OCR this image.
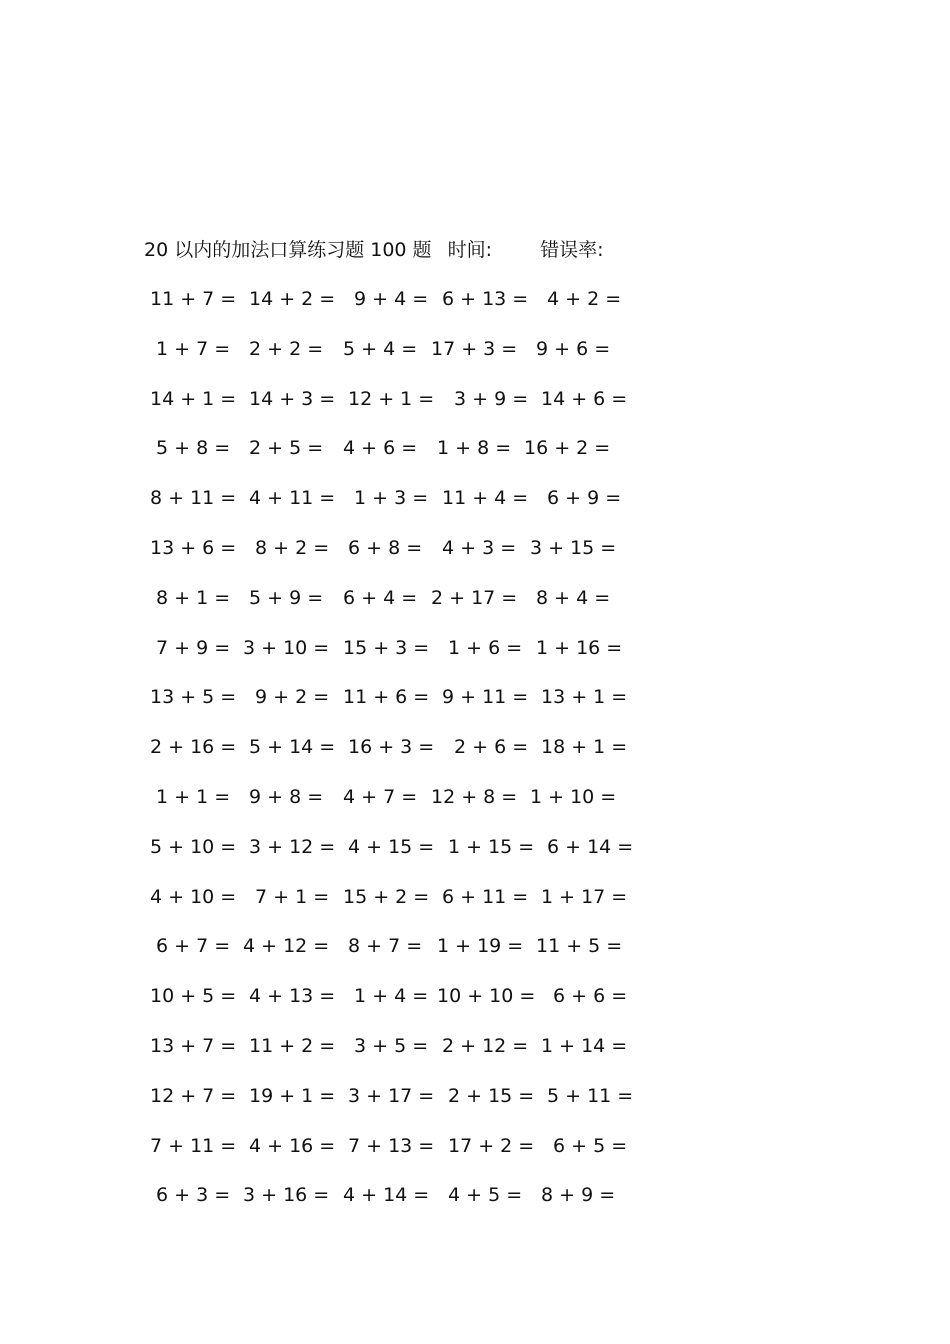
20 以内的加法口算练习题 100 题 时间:	错误率:
11 + 7 = 14 + 2 = 9 + 4 = 6 + 13 = 4 + 2 =
1 + 7 = 2 + 2 = 5 + 4 = 17 + 3 = 9 + 6 =
14 + 1 = 14 + 3 = 12 + 1 = 3 + 9 = 14 + 6 =
5 + 8 = 2 + 5 = 4 + 6 = 1 + 8 = 16 + 2 =
8 + 11 = 4 + 11 = 1 + 3 = 11 + 4 = 6 + 9 =
13 + 6 = 8 + 2 = 6 + 8 = 4 + 3 = 3 + 15 =
8 + 1 = 5 + 9 = 6 + 4 = 2 + 17 = 8 + 4 =
7 + 9 = 3 + 10 = 15 + 3 = 1 + 6 = 1 + 16 =
13 + 5 = 9 + 2 = 11 + 6 = 9 + 11 = 13 + 1 =
2 + 16 = 5 + 14 = 16 + 3 = 2 + 6 = 18 + 1 =
1 + 1 = 9 + 8 = 4 + 7 = 12 + 8 = 1 + 10 =
5 + 10 = 3 + 12 = 4 + 15 = 1 + 15 = 6 + 14 =
4 + 10 = 7 + 1 = 15 + 2 = 6 + 11 = 1 + 17 =
6 + 7 = 4 + 12 = 8 + 7 = 1 + 19 = 11 + 5 =
10 + 5 = 4 + 13 = 1 + 4 = 10 + 10 = 6 + 6 =
13 + 7 = 11 + 2 = 3 + 5 = 2 + 12 = 1 + 14 =
12 + 7 = 19 + 1 = 3 + 17 = 2 + 15 = 5 + 11 =
7 + 11 = 4 + 16 = 7 + 13 = 17 + 2 = 6 + 5 =
6 + 3 = 3 + 16 = 4 + 14 = 4 + 5 = 8 + 9 =
